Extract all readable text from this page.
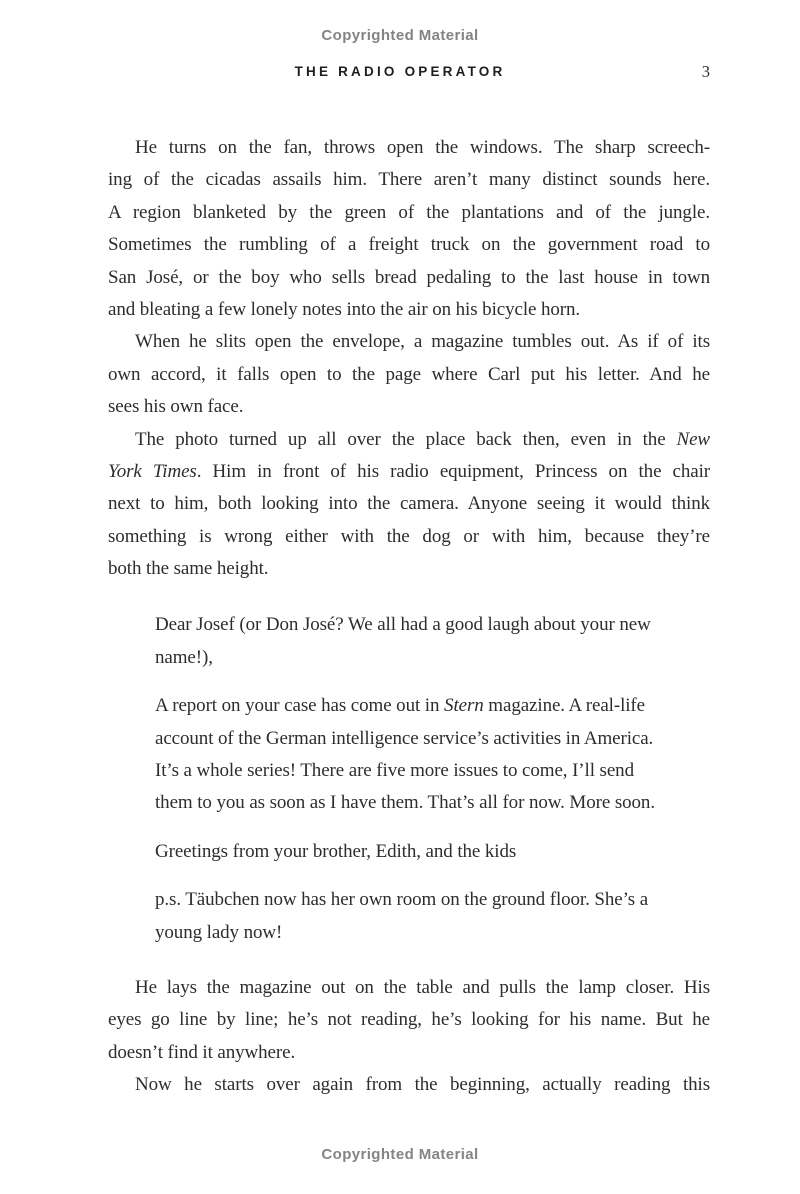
Copyrighted Material
THE RADIO OPERATOR	3
He turns on the fan, throws open the windows. The sharp screech-
ing of the cicadas assails him. There aren’t many distinct sounds here.
A region blanketed by the green of the plantations and of the jungle.
Sometimes the rumbling of a freight truck on the government road to
San José, or the boy who sells bread pedaling to the last house in town
and bleating a few lonely notes into the air on his bicycle horn.
When he slits open the envelope, a magazine tumbles out. As if of its
own accord, it falls open to the page where Carl put his letter. And he
sees his own face.
The photo turned up all over the place back then, even in the New
York Times. Him in front of his radio equipment, Princess on the chair
next to him, both looking into the camera. Anyone seeing it would think
something is wrong either with the dog or with him, because they’re
both the same height.
Dear Josef (or Don José? We all had a good laugh about your new
name!),
A report on your case has come out in Stern magazine. A real-life
account of the German intelligence service’s activities in America.
It’s a whole series! There are five more issues to come, I’ll send
them to you as soon as I have them. That’s all for now. More soon.
Greetings from your brother, Edith, and the kids
p.s. Täubchen now has her own room on the ground floor. She’s a
young lady now!
He lays the magazine out on the table and pulls the lamp closer. His
eyes go line by line; he’s not reading, he’s looking for his name. But he
doesn’t find it anywhere.
Now he starts over again from the beginning, actually reading this
Copyrighted Material
